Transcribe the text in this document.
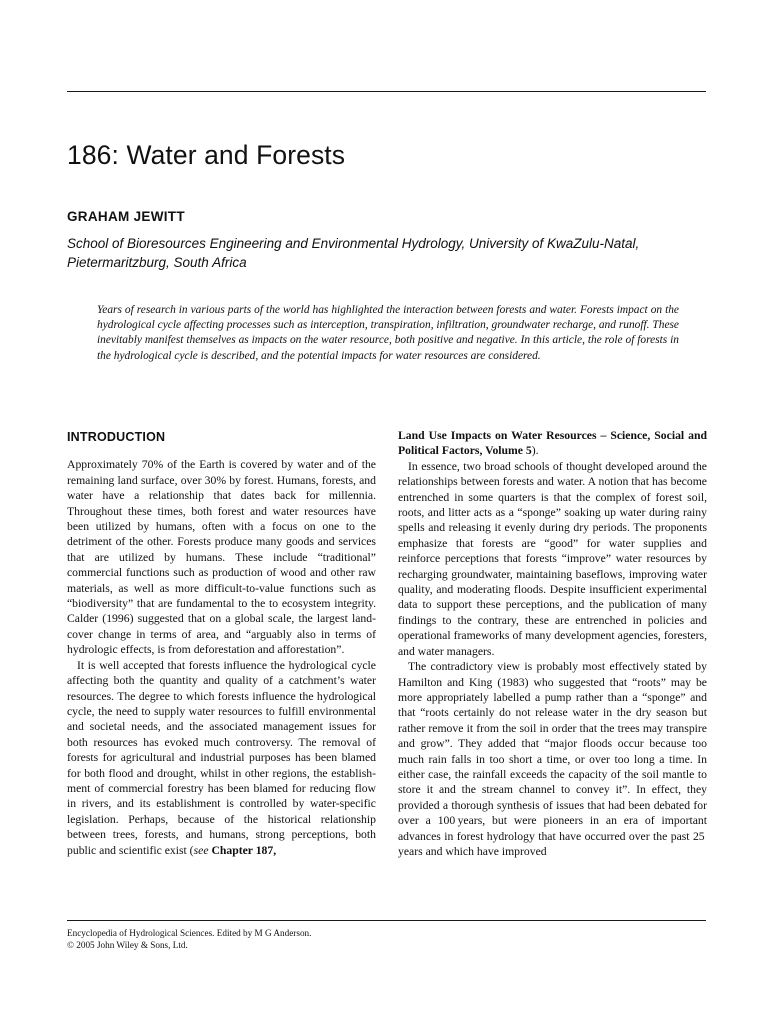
186: Water and Forests
GRAHAM JEWITT
School of Bioresources Engineering and Environmental Hydrology, University of KwaZulu-Natal,
Pietermaritzburg, South Africa

Years of research in various parts of the world has highlighted the interaction between forests and water. Forests impact on the hydrological cycle affecting processes such as interception, transpiration, infiltration, groundwater recharge, and runoff. These inevitably manifest themselves as impacts on the water resource, both positive and negative. In this article, the role of forests in the hydrological cycle is described, and the potential impacts for water resources are considered.

INTRODUCTION

Approximately 70% of the Earth is covered by water and of the remaining land surface, over 30% by forest. Humans, forests, and water have a relationship that dates back for millennia. Throughout these times, both forest and water resources have been utilized by humans, often with a focus on one to the detriment of the other. Forests produce many goods and services that are utilized by humans. These include “traditional” commercial functions such as production of wood and other raw materials, as well as more difficult-to-value functions such as “biodiversity” that are fundamental to the to ecosystem integrity. Calder (1996) suggested that on a global scale, the largest land-cover change in terms of area, and “arguably also in terms of hydrologic effects, is from deforestation and afforestation”.

It is well accepted that forests influence the hydrological cycle affecting both the quantity and quality of a catchment’s water resources. The degree to which forests influence the hydrological cycle, the need to supply water resources to fulfill environmental and societal needs, and the associated management issues for both resources has evoked much controversy. The removal of forests for agricultural and industrial purposes has been blamed for both flood and drought, whilst in other regions, the establishment of commercial forestry has been blamed for reducing flow in rivers, and its establishment is controlled by water-specific legislation. Perhaps, because of the historical relationship between trees, forests, and humans, strong perceptions, both public and scientific exist (see Chapter 187,

Land Use Impacts on Water Resources – Science, Social and Political Factors, Volume 5).

In essence, two broad schools of thought developed around the relationships between forests and water. A notion that has become entrenched in some quarters is that the complex of forest soil, roots, and litter acts as a “sponge” soaking up water during rainy spells and releasing it evenly during dry periods. The proponents emphasize that forests are “good” for water supplies and reinforce perceptions that forests “improve” water resources by recharging groundwater, maintaining baseflows, improving water quality, and moderating floods. Despite insufficient experimental data to support these perceptions, and the publication of many findings to the contrary, these are entrenched in policies and operational frameworks of many development agencies, foresters, and water managers.

The contradictory view is probably most effectively stated by Hamilton and King (1983) who suggested that “roots” may be more appropriately labelled a pump rather than a “sponge” and that “roots certainly do not release water in the dry season but rather remove it from the soil in order that the trees may transpire and grow”. They added that “major floods occur because too much rain falls in too short a time, or over too long a time. In either case, the rainfall exceeds the capacity of the soil mantle to store it and the stream channel to convey it”. In effect, they provided a thorough synthesis of issues that had been debated for over a 100 years, but were pioneers in an era of important advances in forest hydrology that have occurred over the past 25 years and which have improved

Encyclopedia of Hydrological Sciences. Edited by M G Anderson.
© 2005 John Wiley & Sons, Ltd.
